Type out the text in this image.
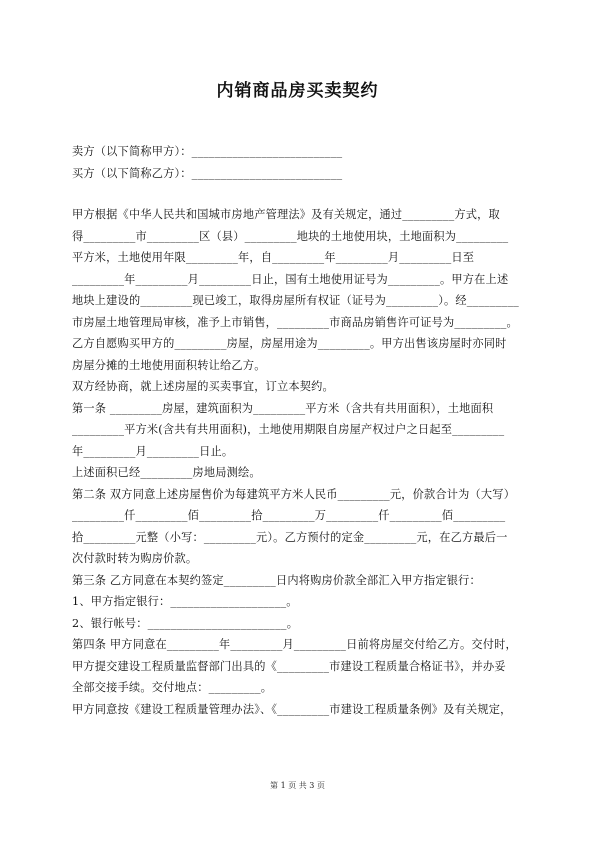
内销商品房买卖契约
卖方（以下简称甲方）：__________________________
买方（以下简称乙方）：__________________________
甲方根据《中华人民共和国城市房地产管理法》及有关规定，通过_________方式，取
得_________市_________区（县）_________地块的土地使用块，土地面积为_________
平方米，土地使用年限_________年，自_________年_________月_________日至
_________年_________月_________日止，国有土地使用证号为_________。甲方在上述
地块上建设的_________现已竣工，取得房屋所有权证（证号为_________）。经_________
市房屋土地管理局审核，准予上市销售，_________市商品房销售许可证号为_________。
乙方自愿购买甲方的_________房屋，房屋用途为_________。甲方出售该房屋时亦同时
房屋分摊的土地使用面积转让给乙方。
双方经协商，就上述房屋的买卖事宜，订立本契约。
第一条 _________房屋，建筑面积为_________平方米（含共有共用面积），土地面积
_________平方米(含共有共用面积)，土地使用期限自房屋产权过户之日起至_________
年_________月_________日止。
上述面积已经_________房地局测绘。
第二条 双方同意上述房屋售价为每建筑平方米人民币_________元，价款合计为（大写）
_________仟_________佰_________拾_________万_________仟_________佰_________
拾_________元整（小写：_________元）。乙方预付的定金_________元，在乙方最后一
次付款时转为购房价款。
第三条 乙方同意在本契约签定_________日内将购房价款全部汇入甲方指定银行：
1、甲方指定银行：____________________。
2、银行帐号：________________________。
第四条 甲方同意在_________年_________月_________日前将房屋交付给乙方。交付时，
甲方提交建设工程质量监督部门出具的《_________市建设工程质量合格证书》，并办妥
全部交接手续。交付地点：_________。
甲方同意按《建设工程质量管理办法》、《_________市建设工程质量条例》及有关规定，
第 1 页 共 3 页
